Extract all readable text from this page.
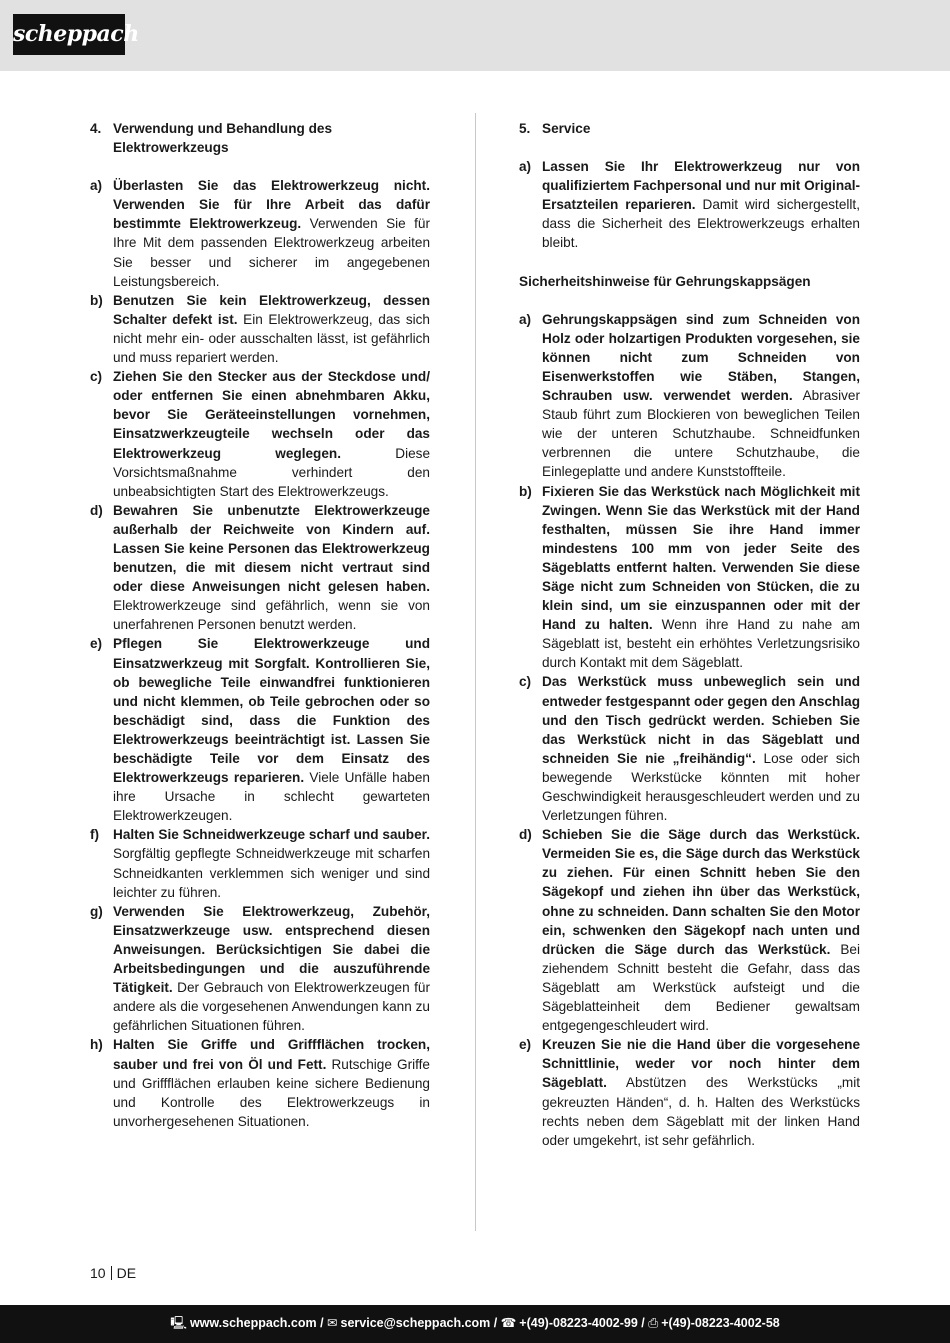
scheppach
4. Verwendung und Behandlung des Elektrowerkzeugs
a) Überlasten Sie das Elektrowerkzeug nicht. Verwenden Sie für Ihre Arbeit das dafür bestimmte Elektrowerkzeug. Verwenden Sie für Ihre Mit dem passenden Elektrowerkzeug arbeiten Sie besser und sicherer im angegebenen Leistungsbereich.
b) Benutzen Sie kein Elektrowerkzeug, dessen Schalter defekt ist. Ein Elektrowerkzeug, das sich nicht mehr ein- oder ausschalten lässt, ist gefährlich und muss repariert werden.
c) Ziehen Sie den Stecker aus der Steckdose und/ oder entfernen Sie einen abnehmbaren Akku, bevor Sie Geräteeinstellungen vornehmen, Einsatzwerkzeugteile wechseln oder das Elektrowerkzeug weglegen. Diese Vorsichtsmaßnahme verhindert den unbeabsichtigten Start des Elektrowerkzeugs.
d) Bewahren Sie unbenutzte Elektrowerkzeuge außerhalb der Reichweite von Kindern auf. Lassen Sie keine Personen das Elektrowerkzeug benutzen, die mit diesem nicht vertraut sind oder diese Anweisungen nicht gelesen haben. Elektrowerkzeuge sind gefährlich, wenn sie von unerfahrenen Personen benutzt werden.
e) Pflegen Sie Elektrowerkzeuge und Einsatzwerkzeug mit Sorgfalt. Kontrollieren Sie, ob bewegliche Teile einwandfrei funktionieren und nicht klemmen, ob Teile gebrochen oder so beschädigt sind, dass die Funktion des Elektrowerkzeugs beeinträchtigt ist. Lassen Sie beschädigte Teile vor dem Einsatz des Elektrowerkzeugs reparieren. Viele Unfälle haben ihre Ursache in schlecht gewarteten Elektrowerkzeugen.
f)	Halten Sie Schneidwerkzeuge scharf und sauber. Sorgfältig gepflegte Schneidwerkzeuge mit scharfen Schneidkanten verklemmen sich weniger und sind leichter zu führen.
g) Verwenden Sie Elektrowerkzeug, Zubehör, Einsatzwerkzeuge usw. entsprechend diesen Anweisungen. Berücksichtigen Sie dabei die Arbeitsbedingungen und die auszuführende Tätigkeit. Der Gebrauch von Elektrowerkzeugen für andere als die vorgesehenen Anwendungen kann zu gefährlichen Situationen führen.
h) Halten Sie Griffe und Griffflächen trocken, sauber und frei von Öl und Fett. Rutschige Griffe und Griffflächen erlauben keine sichere Bedienung und Kontrolle des Elektrowerkzeugs in unvorhergesehenen Situationen.
5. Service
a) Lassen Sie Ihr Elektrowerkzeug nur von qualifiziertem Fachpersonal und nur mit Original-Ersatzteilen reparieren. Damit wird sichergestellt, dass die Sicherheit des Elektrowerkzeugs erhalten bleibt.
Sicherheitshinweise für Gehrungskappsägen
a) Gehrungskappsägen sind zum Schneiden von Holz oder holzartigen Produkten vorgesehen, sie können nicht zum Schneiden von Eisenwerkstoffen wie Stäben, Stangen, Schrauben usw. verwendet werden. Abrasiver Staub führt zum Blockieren von beweglichen Teilen wie der unteren Schutzhaube. Schneidfunken verbrennen die untere Schutzhaube, die Einlegeplatte und andere Kunststoffteile.
b) Fixieren Sie das Werkstück nach Möglichkeit mit Zwingen. Wenn Sie das Werkstück mit der Hand festhalten, müssen Sie ihre Hand immer mindestens 100 mm von jeder Seite des Sägeblatts entfernt halten. Verwenden Sie diese Säge nicht zum Schneiden von Stücken, die zu klein sind, um sie einzuspannen oder mit der Hand zu halten. Wenn ihre Hand zu nahe am Sägeblatt ist, besteht ein erhöhtes Verletzungsrisiko durch Kontakt mit dem Sägeblatt.
c) Das Werkstück muss unbeweglich sein und entweder festgespannt oder gegen den Anschlag und den Tisch gedrückt werden. Schieben Sie das Werkstück nicht in das Sägeblatt und schneiden Sie nie „freihändig“. Lose oder sich bewegende Werkstücke könnten mit hoher Geschwindigkeit herausgeschleudert werden und zu Verletzungen führen.
d) Schieben Sie die Säge durch das Werkstück. Vermeiden Sie es, die Säge durch das Werkstück zu ziehen. Für einen Schnitt heben Sie den Sägekopf und ziehen ihn über das Werkstück, ohne zu schneiden. Dann schalten Sie den Motor ein, schwenken den Sägekopf nach unten und drücken die Säge durch das Werkstück. Bei ziehendem Schnitt besteht die Gefahr, dass das Sägeblatt am Werkstück aufsteigt und die Sägeblatteinheit dem Bediener gewaltsam entgegengeschleudert wird.
e) Kreuzen Sie nie die Hand über die vorgesehene Schnittlinie, weder vor noch hinter dem Sägeblatt. Abstützen des Werkstücks „mit gekreuzten Händen“, d. h. Halten des Werkstücks rechts neben dem Sägeblatt mit der linken Hand oder umgekehrt, ist sehr gefährlich.
10 DE
🖳 www.scheppach.com / ✉ service@scheppach.com / ☎ +(49)-08223-4002-99 / ⎙ +(49)-08223-4002-58
